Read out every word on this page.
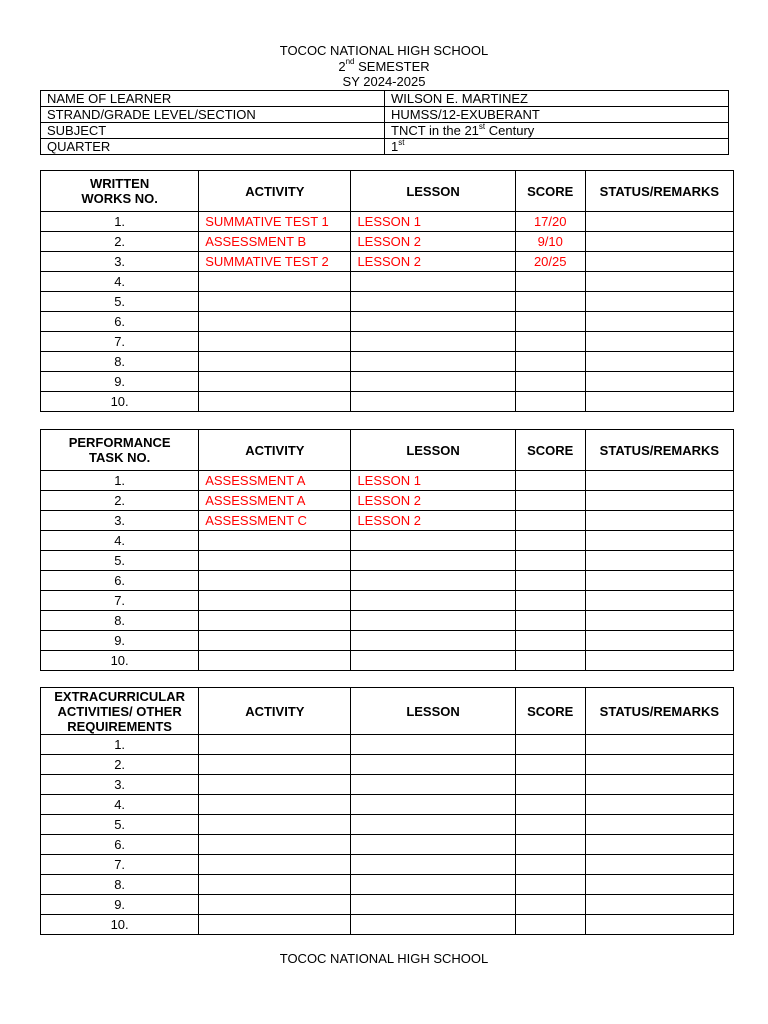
TOCOC NATIONAL HIGH SCHOOL
2nd SEMESTER
SY 2024-2025
NAME OF LEARNER	WILSON E. MARTINEZ
STRAND/GRADE LEVEL/SECTION	HUMSS/12-EXUBERANT
SUBJECT	TNCT in the 21st Century
QUARTER	1st
WRITTEN
WORKS NO.	ACTIVITY	LESSON	SCORE	STATUS/REMARKS
1.	SUMMATIVE TEST 1	LESSON 1	17/20	
2.	ASSESSMENT B	LESSON 2	9/10	
3.	SUMMATIVE TEST 2	LESSON 2	20/25	
4.				
5.				
6.				
7.				
8.				
9.				
10.				
PERFORMANCE
TASK NO.	ACTIVITY	LESSON	SCORE	STATUS/REMARKS
1.	ASSESSMENT A	LESSON 1		
2.	ASSESSMENT A	LESSON 2		
3.	ASSESSMENT C	LESSON 2		
4.				
5.				
6.				
7.				
8.				
9.				
10.				
EXTRACURRICULAR
ACTIVITIES/ OTHER
REQUIREMENTS	ACTIVITY	LESSON	SCORE	STATUS/REMARKS
1.				
2.				
3.				
4.				
5.				
6.				
7.				
8.				
9.				
10.				
TOCOC NATIONAL HIGH SCHOOL
